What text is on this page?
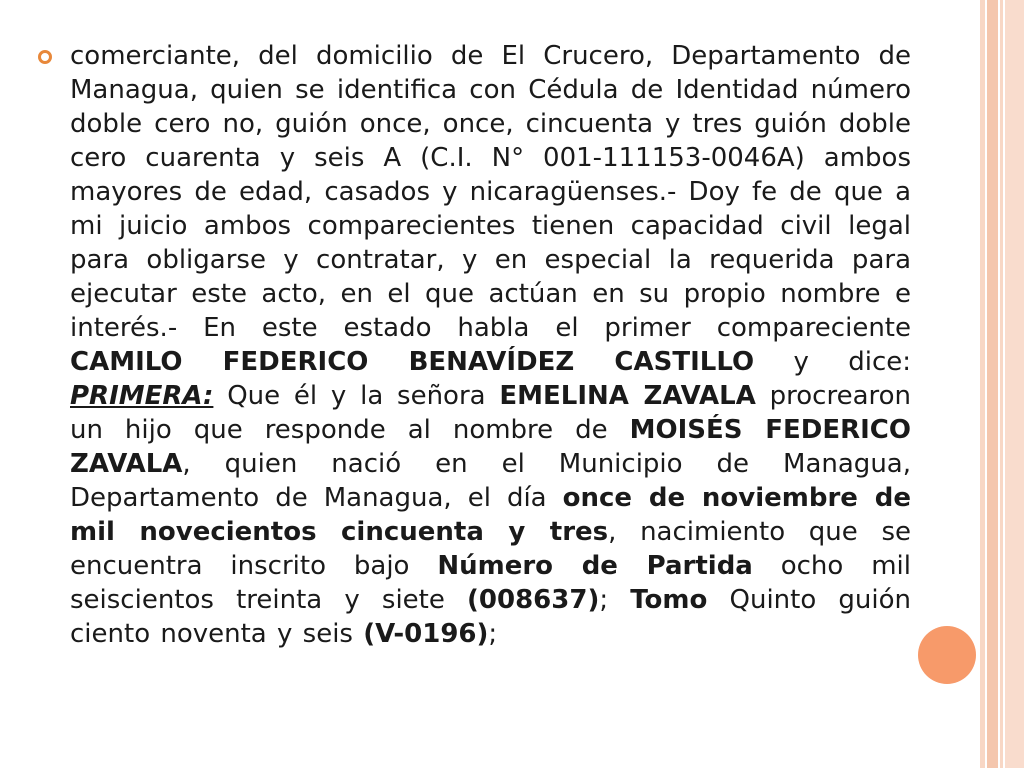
comerciante, del domicilio de El Crucero, Departamento de Managua, quien se identifica con Cédula de Identidad número doble cero no, guión once, once, cincuenta y tres guión doble cero cuarenta y seis A (C.I. N° 001-111153-0046A) ambos mayores de edad, casados y nicaragüenses.- Doy fe de que a mi juicio ambos comparecientes tienen capacidad civil legal para obligarse y contratar, y en especial la requerida para ejecutar este acto, en el que actúan en su propio nombre e interés.- En este estado habla el primer compareciente CAMILO FEDERICO BENAVÍDEZ CASTILLO y dice: PRIMERA: Que él y la señora EMELINA ZAVALA procrearon un hijo que responde al nombre de MOISÉS FEDERICO ZAVALA, quien nació en el Municipio de Managua, Departamento de Managua, el día once de noviembre de mil novecientos cincuenta y tres, nacimiento que se encuentra inscrito bajo Número de Partida ocho mil seiscientos treinta y siete (008637); Tomo Quinto guión ciento noventa y seis (V-0196);
